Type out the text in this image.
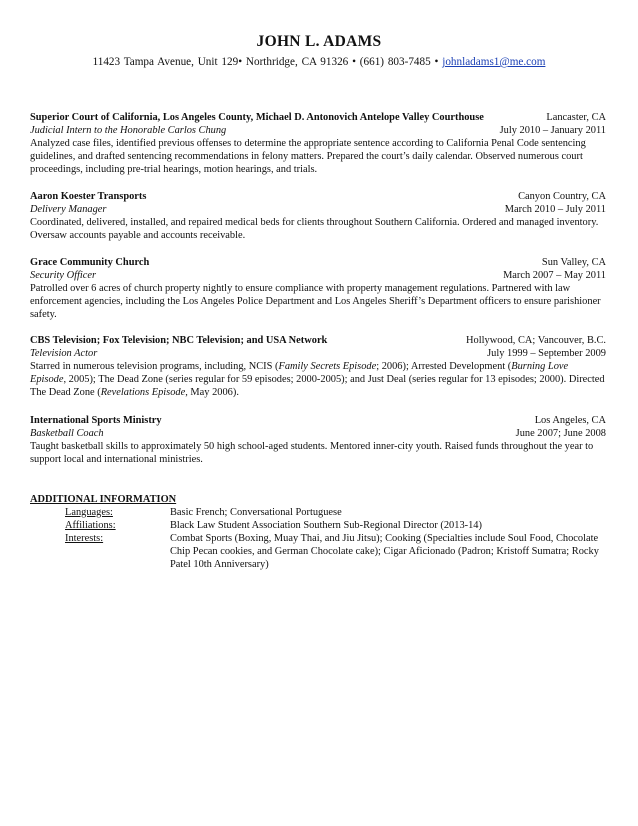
JOHN L. ADAMS
11423 Tampa Avenue, Unit 129• Northridge, CA 91326 • (661) 803-7485 • johnladams1@me.com
Superior Court of California, Los Angeles County, Michael D. Antonovich Antelope Valley Courthouse	Lancaster, CA
Judicial Intern to the Honorable Carlos Chung	July 2010 – January 2011

Analyzed case files, identified previous offenses to determine the appropriate sentence according to California Penal Code sentencing guidelines, and drafted sentencing recommendations in felony matters. Prepared the court’s daily calendar. Observed numerous court proceedings, including pre-trial hearings, motion hearings, and trials.

Aaron Koester Transports	Canyon Country, CA
Delivery Manager	March 2010 – July 2011

Coordinated, delivered, installed, and repaired medical beds for clients throughout Southern California. Ordered and managed inventory. Oversaw accounts payable and accounts receivable.

Grace Community Church	Sun Valley, CA
Security Officer	March 2007 – May 2011

Patrolled over 6 acres of church property nightly to ensure compliance with property management regulations. Partnered with law enforcement agencies, including the Los Angeles Police Department and Los Angeles Sheriff’s Department officers to ensure parishioner safety.

CBS Television; Fox Television; NBC Television; and USA Network	Hollywood, CA; Vancouver, B.C.
Television Actor	July 1999 – September 2009

Starred in numerous television programs, including, NCIS (Family Secrets Episode; 2006); Arrested Development (Burning Love Episode, 2005); The Dead Zone (series regular for 59 episodes; 2000-2005); and Just Deal (series regular for 13 episodes; 2000). Directed The Dead Zone (Revelations Episode, May 2006).

International Sports Ministry	Los Angeles, CA
Basketball Coach	June 2007; June 2008

Taught basketball skills to approximately 50 high school-aged students. Mentored inner-city youth. Raised funds throughout the year to support local and international ministries.

ADDITIONAL INFORMATION
Languages:	Basic French; Conversational Portuguese
Affiliations:	Black Law Student Association Southern Sub-Regional Director (2013-14)
Interests:	Combat Sports (Boxing, Muay Thai, and Jiu Jitsu); Cooking (Specialties include Soul Food, Chocolate Chip Pecan cookies, and German Chocolate cake); Cigar Aficionado (Padron; Kristoff Sumatra; Rocky Patel 10th Anniversary)
